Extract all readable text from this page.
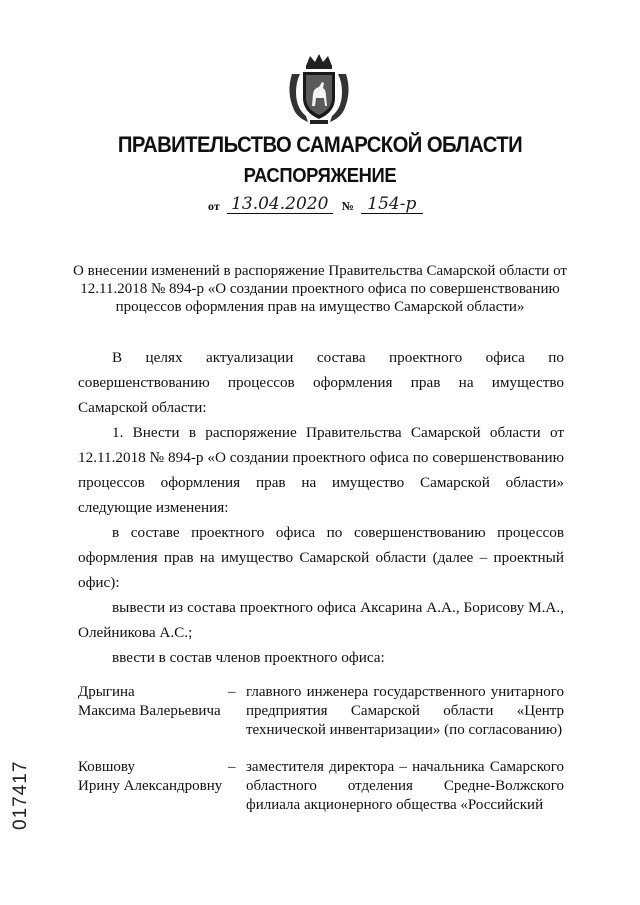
ПРАВИТЕЛЬСТВО САМАРСКОЙ ОБЛАСТИ
РАСПОРЯЖЕНИЕ
от 13.04.2020 № 154-р
О внесении изменений в распоряжение Правительства Самарской области от 12.11.2018 № 894-р «О создании проектного офиса по совершенствованию процессов оформления прав на имущество Самарской области»

В целях актуализации состава проектного офиса по совершенствованию процессов оформления прав на имущество Самарской области:

1. Внести в распоряжение Правительства Самарской области от 12.11.2018 № 894-р «О создании проектного офиса по совершенствованию процессов оформления прав на имущество Самарской области» следующие изменения:

в составе проектного офиса по совершенствованию процессов оформления прав на имущество Самарской области (далее – проектный офис):

вывести из состава проектного офиса Аксарина А.А., Борисову М.А., Олейникова А.С.;

ввести в состав членов проектного офиса:

Дрыгина
Максима Валерьевича
– главного инженера государственного унитарного предприятия Самарской области «Центр технической инвентаризации» (по согласованию)
Ковшову
Ирину Александровну
– заместителя директора – начальника Самарского областного отделения Средне-Волжского филиала акционерного общества «Российский
017417
